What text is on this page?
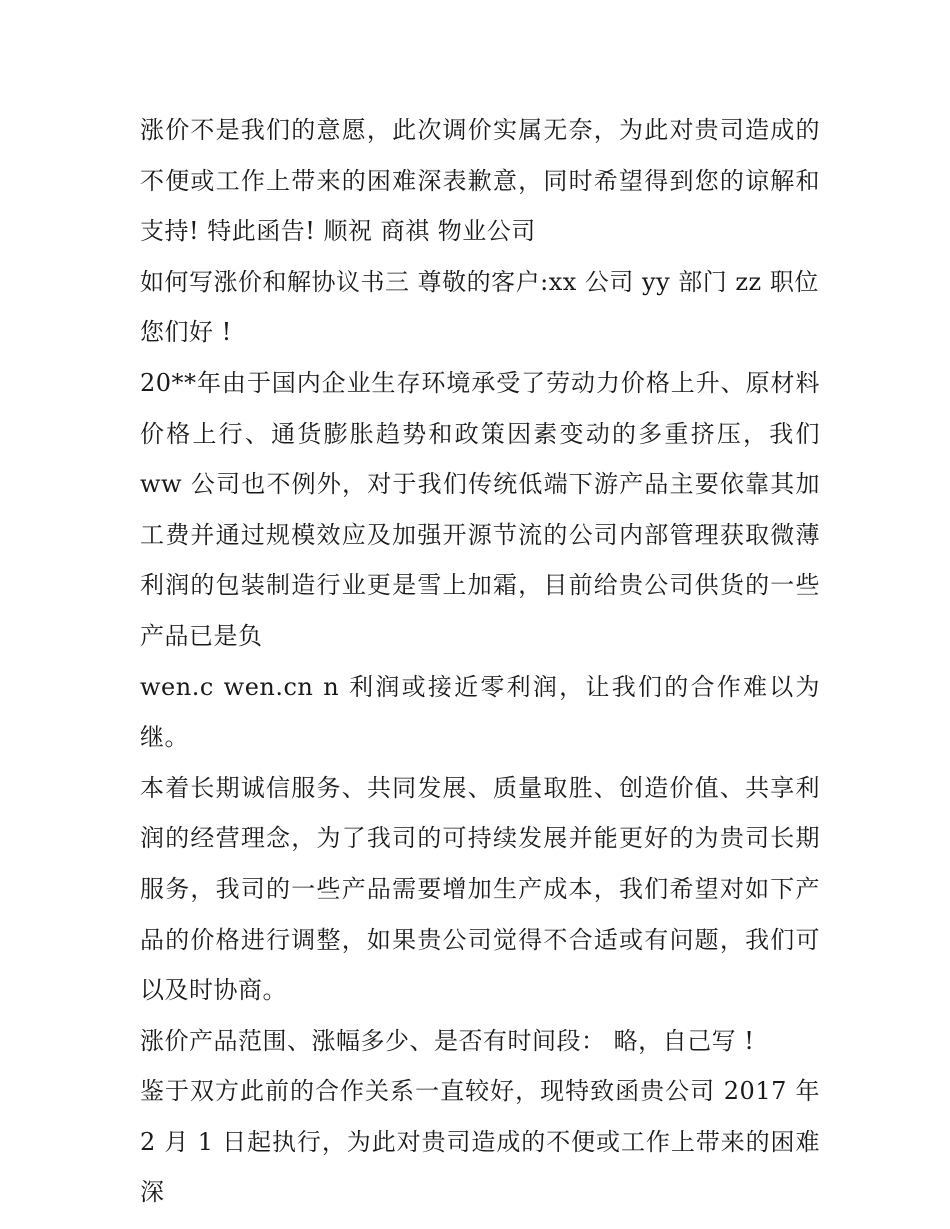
涨价不是我们的意愿，此次调价实属无奈，为此对贵司造成的不便或工作上带来的困难深表歉意，同时希望得到您的谅解和支持! 特此函告! 顺祝 商祺 物业公司

如何写涨价和解协议书三 尊敬的客户:xx 公司 yy 部门 zz 职位

您们好 !

20**年由于国内企业生存环境承受了劳动力价格上升、原材料价格上行、通货膨胀趋势和政策因素变动的多重挤压，我们 ww 公司也不例外，对于我们传统低端下游产品主要依靠其加工费并通过规模效应及加强开源节流的公司内部管理获取微薄利润的包装制造行业更是雪上加霜，目前给贵公司供货的一些产品已是负

wen.c wen.cn n 利润或接近零利润，让我们的合作难以为继。

本着长期诚信服务、共同发展、质量取胜、创造价值、共享利润的经营理念，为了我司的可持续发展并能更好的为贵司长期服务，我司的一些产品需要增加生产成本，我们希望对如下产品的价格进行调整，如果贵公司觉得不合适或有问题，我们可以及时协商。

涨价产品范围、涨幅多少、是否有时间段： 略，自己写 !

鉴于双方此前的合作关系一直较好，现特致函贵公司 2017 年 2 月 1 日起执行，为此对贵司造成的不便或工作上带来的困难深
